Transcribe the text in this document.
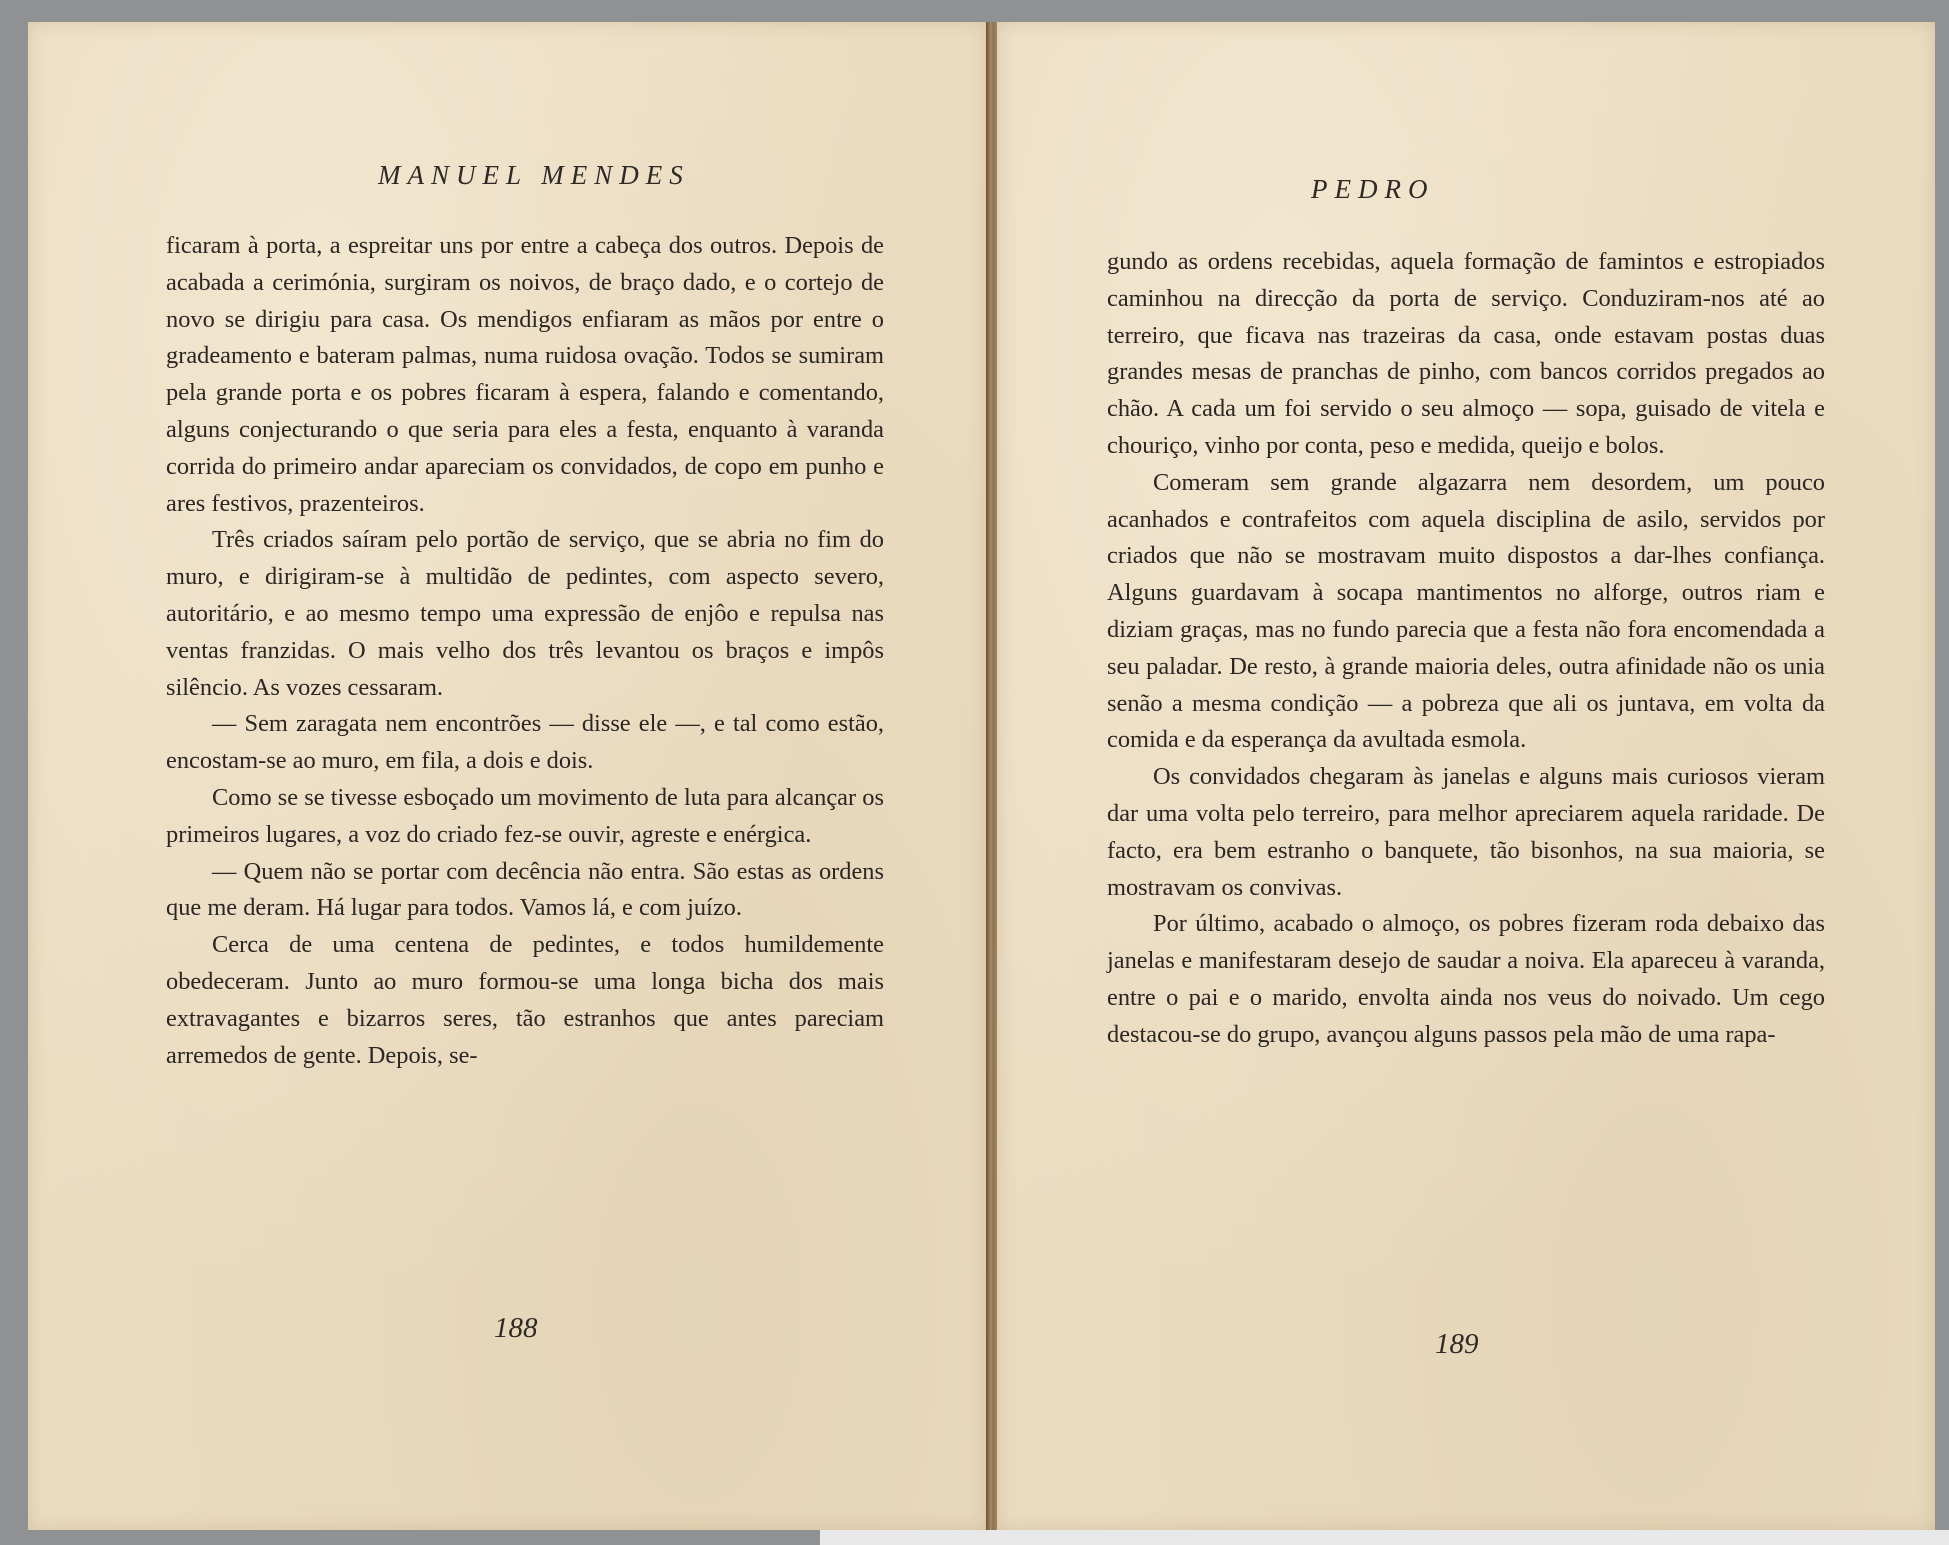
MANUEL MENDES

ficaram à porta, a espreitar uns por entre a cabeça dos outros. Depois de acabada a cerimónia, surgiram os noivos, de braço dado, e o cortejo de novo se dirigiu para casa. Os mendigos enfiaram as mãos por entre o gradeamento e bateram palmas, numa ruidosa ovação. Todos se sumiram pela grande porta e os pobres ficaram à espera, falando e comentando, alguns conjecturando o que seria para eles a festa, enquanto à varanda corrida do primeiro andar apareciam os convidados, de copo em punho e ares festivos, prazenteiros.

Três criados saíram pelo portão de serviço, que se abria no fim do muro, e dirigiram-se à multidão de pedintes, com aspecto severo, autoritário, e ao mesmo tempo uma expressão de enjôo e repulsa nas ventas franzidas. O mais velho dos três levantou os braços e impôs silêncio. As vozes cessaram.

— Sem zaragata nem encontrões — disse ele —, e tal como estão, encostam-se ao muro, em fila, a dois e dois.

Como se se tivesse esboçado um movimento de luta para alcançar os primeiros lugares, a voz do criado fez-se ouvir, agreste e enérgica.

— Quem não se portar com decência não entra. São estas as ordens que me deram. Há lugar para todos. Vamos lá, e com juízo.

Cerca de uma centena de pedintes, e todos humildemente obedeceram. Junto ao muro formou-se uma longa bicha dos mais extravagantes e bizarros seres, tão estranhos que antes pareciam arremedos de gente. Depois, se-

188
PEDRO

gundo as ordens recebidas, aquela formação de famintos e estropiados caminhou na direcção da porta de serviço. Conduziram-nos até ao terreiro, que ficava nas trazeiras da casa, onde estavam postas duas grandes mesas de pranchas de pinho, com bancos corridos pregados ao chão. A cada um foi servido o seu almoço — sopa, guisado de vitela e chouriço, vinho por conta, peso e medida, queijo e bolos.

Comeram sem grande algazarra nem desordem, um pouco acanhados e contrafeitos com aquela disciplina de asilo, servidos por criados que não se mostravam muito dispostos a dar-lhes confiança. Alguns guardavam à socapa mantimentos no alforge, outros riam e diziam graças, mas no fundo parecia que a festa não fora encomendada a seu paladar. De resto, à grande maioria deles, outra afinidade não os unia senão a mesma condição — a pobreza que ali os juntava, em volta da comida e da esperança da avultada esmola.

Os convidados chegaram às janelas e alguns mais curiosos vieram dar uma volta pelo terreiro, para melhor apreciarem aquela raridade. De facto, era bem estranho o banquete, tão bisonhos, na sua maioria, se mostravam os convivas.

Por último, acabado o almoço, os pobres fizeram roda debaixo das janelas e manifestaram desejo de saudar a noiva. Ela apareceu à varanda, entre o pai e o marido, envolta ainda nos veus do noivado. Um cego destacou-se do grupo, avançou alguns passos pela mão de uma rapa-

189
